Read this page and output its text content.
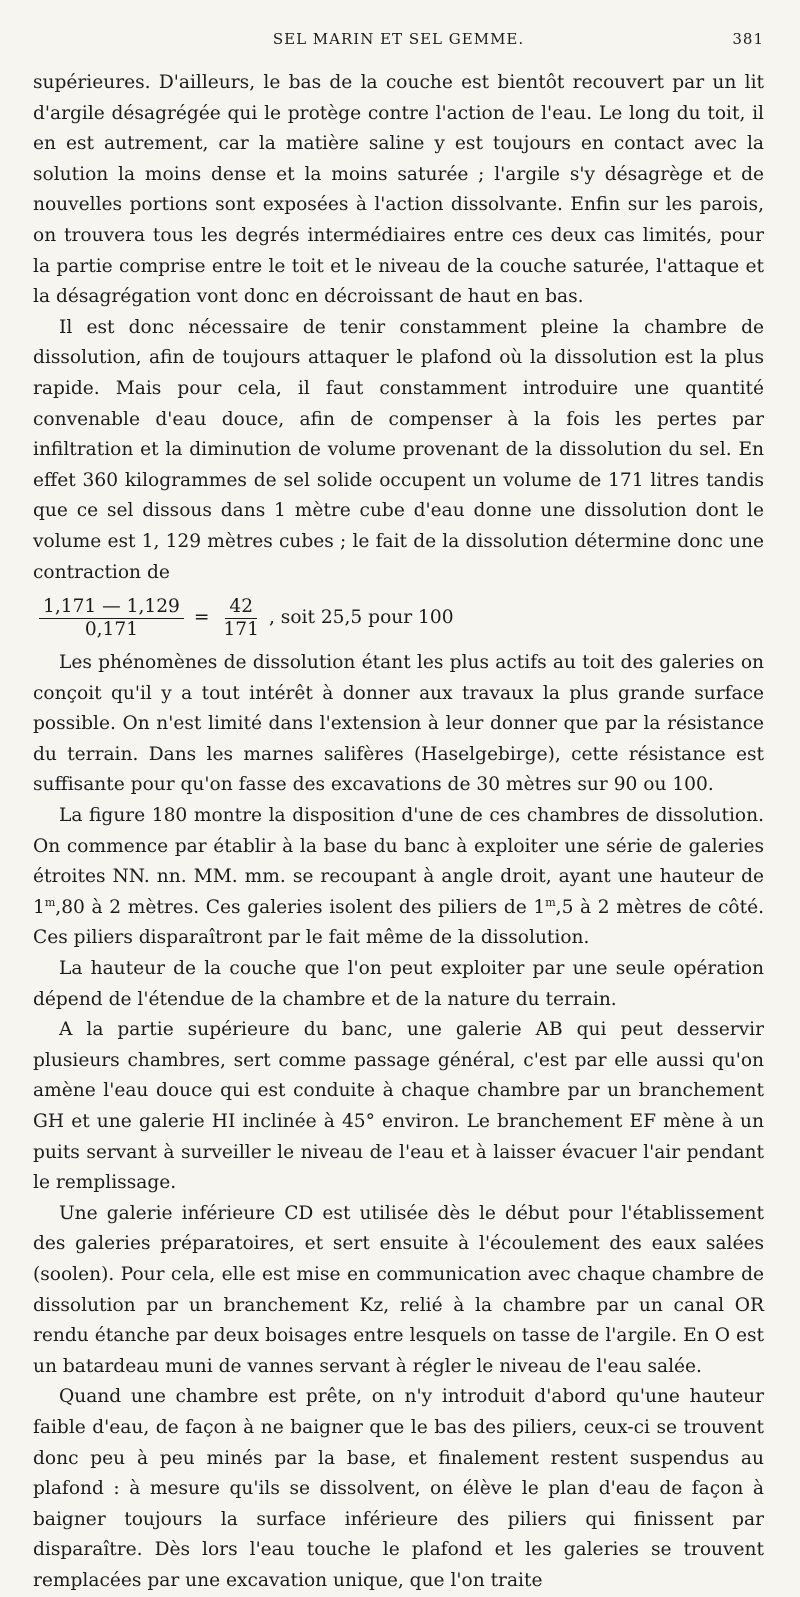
SEL MARIN ET SEL GEMME.	381

supérieures. D'ailleurs, le bas de la couche est bientôt recouvert par un lit d'argile désagrégée qui le protège contre l'action de l'eau. Le long du toit, il en est autrement, car la matière saline y est toujours en contact avec la solution la moins dense et la moins saturée ; l'argile s'y désagrège et de nouvelles portions sont exposées à l'action dissolvante. Enfin sur les parois, on trouvera tous les degrés intermédiaires entre ces deux cas limités, pour la partie comprise entre le toit et le niveau de la couche saturée, l'attaque et la désagrégation vont donc en décroissant de haut en bas.

Il est donc nécessaire de tenir constamment pleine la chambre de dissolution, afin de toujours attaquer le plafond où la dissolution est la plus rapide. Mais pour cela, il faut constamment introduire une quantité convenable d'eau douce, afin de compenser à la fois les pertes par infiltration et la diminution de volume provenant de la dissolution du sel. En effet 360 kilogrammes de sel solide occupent un volume de 171 litres tandis que ce sel dissous dans 1 mètre cube d'eau donne une dissolution dont le volume est 1, 129 mètres cubes ; le fait de la dissolution détermine donc une contraction de

$\frac{1,171 — 1,129}{0,171} = \frac{42}{171}$ , soit 25,5 pour 100

Les phénomènes de dissolution étant les plus actifs au toit des galeries on conçoit qu'il y a tout intérêt à donner aux travaux la plus grande surface possible. On n'est limité dans l'extension à leur donner que par la résistance du terrain. Dans les marnes salifères (Haselgebirge), cette résistance est suffisante pour qu'on fasse des excavations de 30 mètres sur 90 ou 100.

La figure 180 montre la disposition d'une de ces chambres de dissolution. On commence par établir à la base du banc à exploiter une série de galeries étroites NN. nn. MM. mm. se recoupant à angle droit, ayant une hauteur de 1$^m$,80 à 2 mètres. Ces galeries isolent des piliers de 1$^m$,5 à 2 mètres de côté. Ces piliers disparaîtront par le fait même de la dissolution.

La hauteur de la couche que l'on peut exploiter par une seule opération dépend de l'étendue de la chambre et de la nature du terrain.

A la partie supérieure du banc, une galerie AB qui peut desservir plusieurs chambres, sert comme passage général, c'est par elle aussi qu'on amène l'eau douce qui est conduite à chaque chambre par un branchement GH et une galerie HI inclinée à 45° environ. Le branchement EF mène à un puits servant à surveiller le niveau de l'eau et à laisser évacuer l'air pendant le remplissage.

Une galerie inférieure CD est utilisée dès le début pour l'établissement des galeries préparatoires, et sert ensuite à l'écoulement des eaux salées (soolen). Pour cela, elle est mise en communication avec chaque chambre de dissolution par un branchement Kz, relié à la chambre par un canal OR rendu étanche par deux boisages entre lesquels on tasse de l'argile. En O est un batardeau muni de vannes servant à régler le niveau de l'eau salée.

Quand une chambre est prête, on n'y introduit d'abord qu'une hauteur faible d'eau, de façon à ne baigner que le bas des piliers, ceux-ci se trouvent donc peu à peu minés par la base, et finalement restent suspendus au plafond : à mesure qu'ils se dissolvent, on élève le plan d'eau de façon à baigner toujours la surface inférieure des piliers qui finissent par disparaître. Dès lors l'eau touche le plafond et les galeries se trouvent remplacées par une excavation unique, que l'on traite
